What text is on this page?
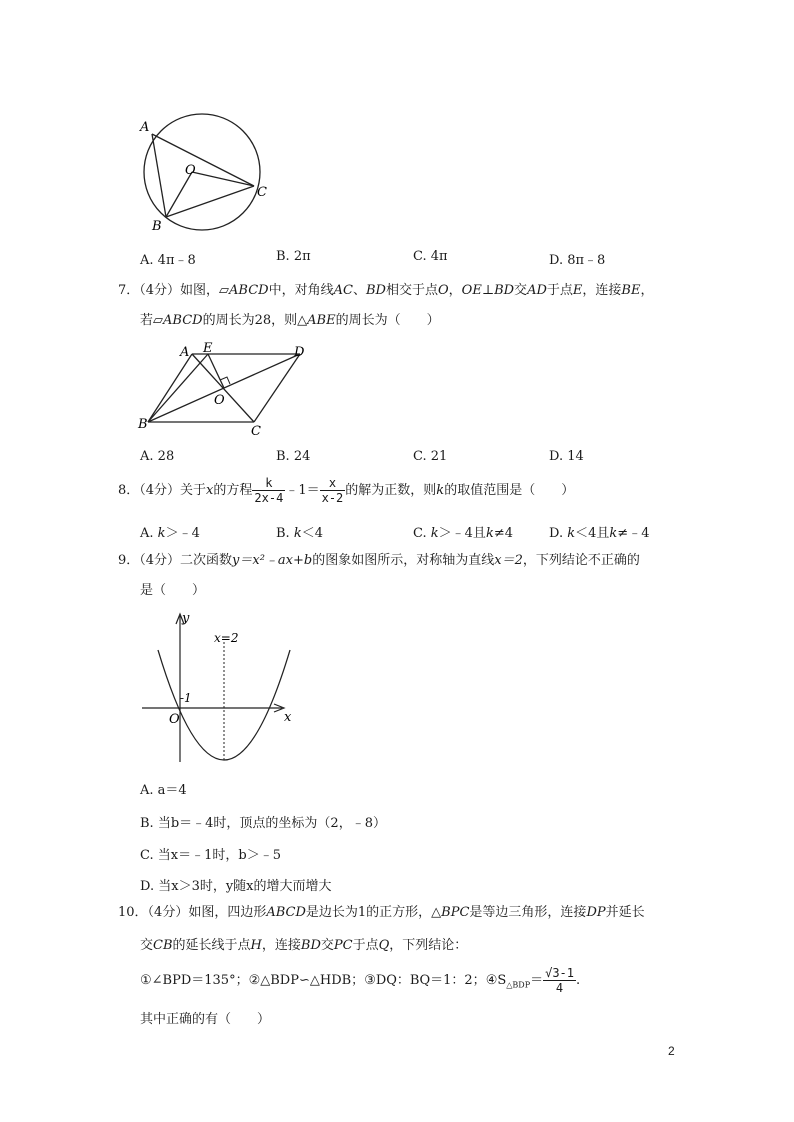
A
O
B
C
A. 4π﹣8	B. 2π	C. 4π	D. 8π﹣8
7．（4分）如图，▱ABCD中，对角线AC、BD相交于点O，OE⊥BD交AD于点E，连接BE，
若▱ABCD的周长为28，则△ABE的周长为（　　）
A E	D
O
B	C
A. 28	B. 24	C. 21	D. 14
8．（4分）关于x的方程 $\frac{k}{2x-4}$ ﹣1＝ $\frac{x}{x-2}$ 的解为正数，则k的取值范围是（　　）
A. k＞﹣4	B. k＜4	C. k＞﹣4且k≠4	D. k＜4且k≠﹣4
9．（4分）二次函数y＝x²﹣ax+b的图象如图所示，对称轴为直线x＝2，下列结论不正确的
是（　　）
y
x
O
x=2
-1
A. a＝4
B. 当b＝﹣4时，顶点的坐标为（2，﹣8）
C. 当x＝﹣1时，b＞﹣5
D. 当x＞3时，y随x的增大而增大
10．（4分）如图，四边形ABCD是边长为1的正方形，△BPC是等边三角形，连接DP并延长
交CB的延长线于点H，连接BD交PC于点Q，下列结论：
①∠BPD＝135°；②△BDP∽△HDB；③DQ：BQ＝1：2；$④S_{\triangle BDP}= \frac{√3-1}{4}$ .
其中正确的有（　　）
2
